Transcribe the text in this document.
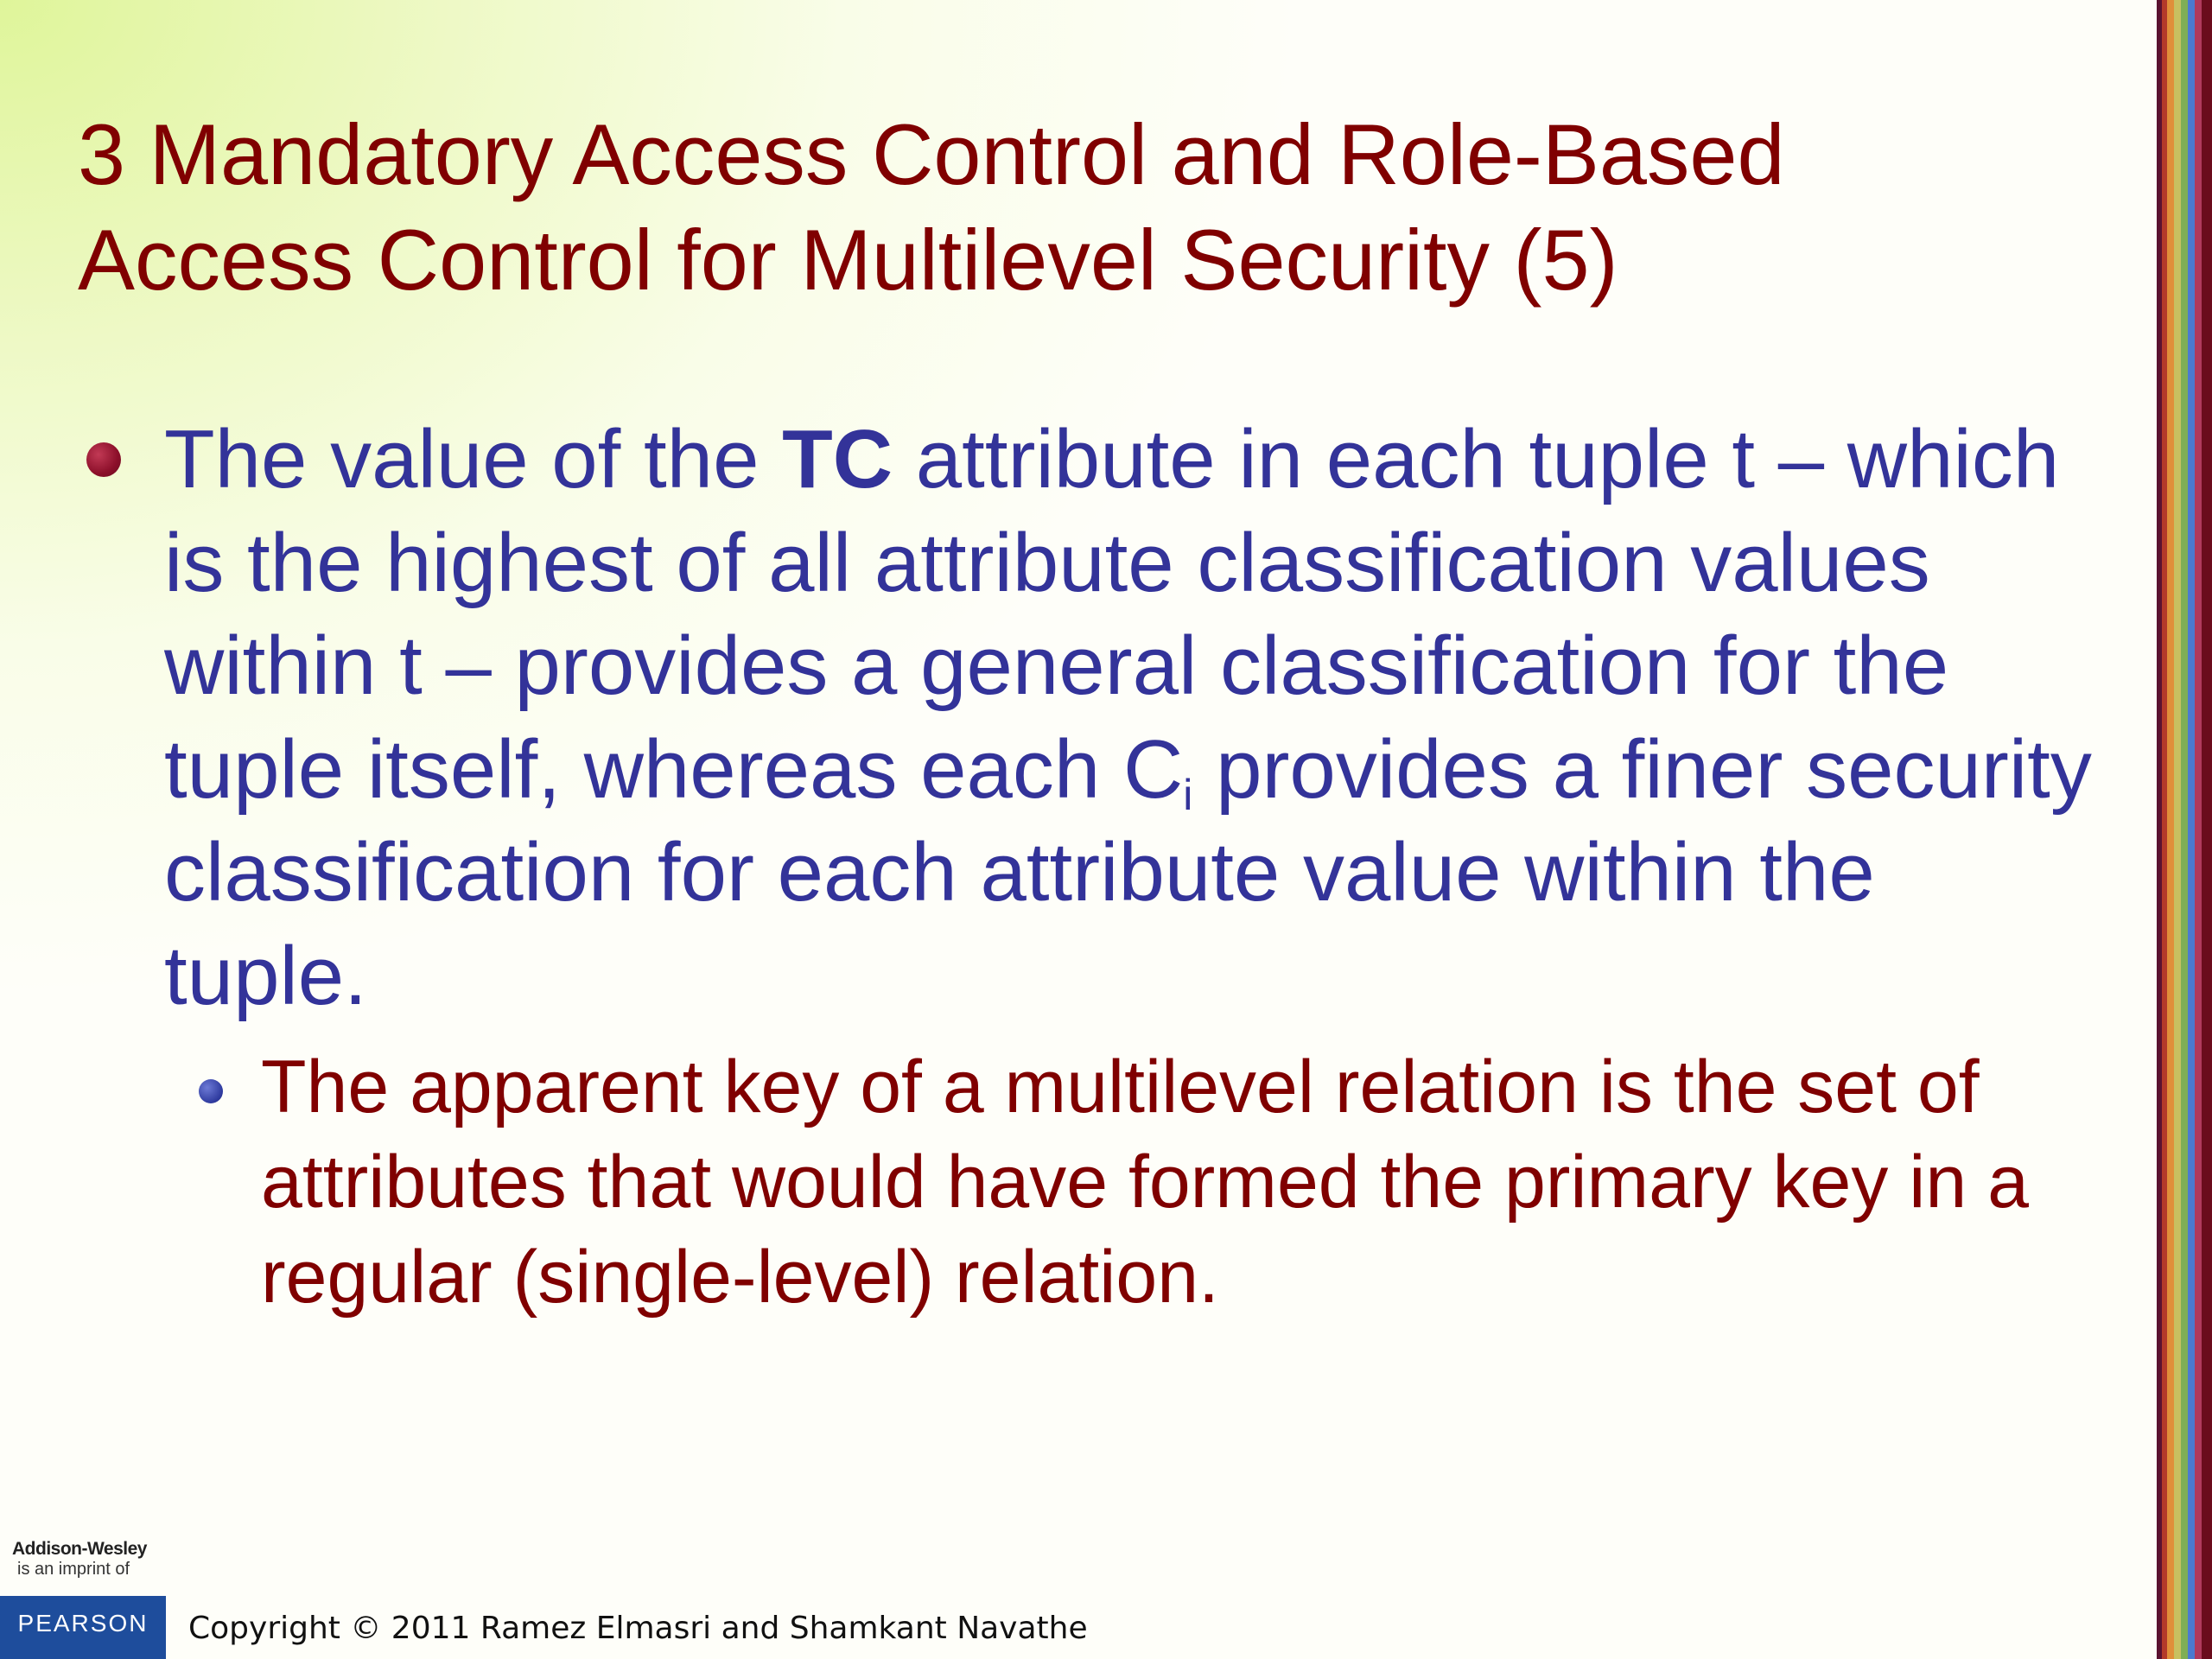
3 Mandatory Access Control and Role-Based
Access Control for Multilevel Security (5)
The value of the TC attribute in each tuple t – which is the highest of all attribute classification values within t – provides a general classification for the tuple itself, whereas each $C_i$ provides a finer security classification for each attribute value within the tuple.
The apparent key of a multilevel relation is the set of attributes that would have formed the primary key in a regular (single-level) relation.
Addison-Wesley
is an imprint of
PEARSON	Copyright © 2011 Ramez Elmasri and Shamkant Navathe
